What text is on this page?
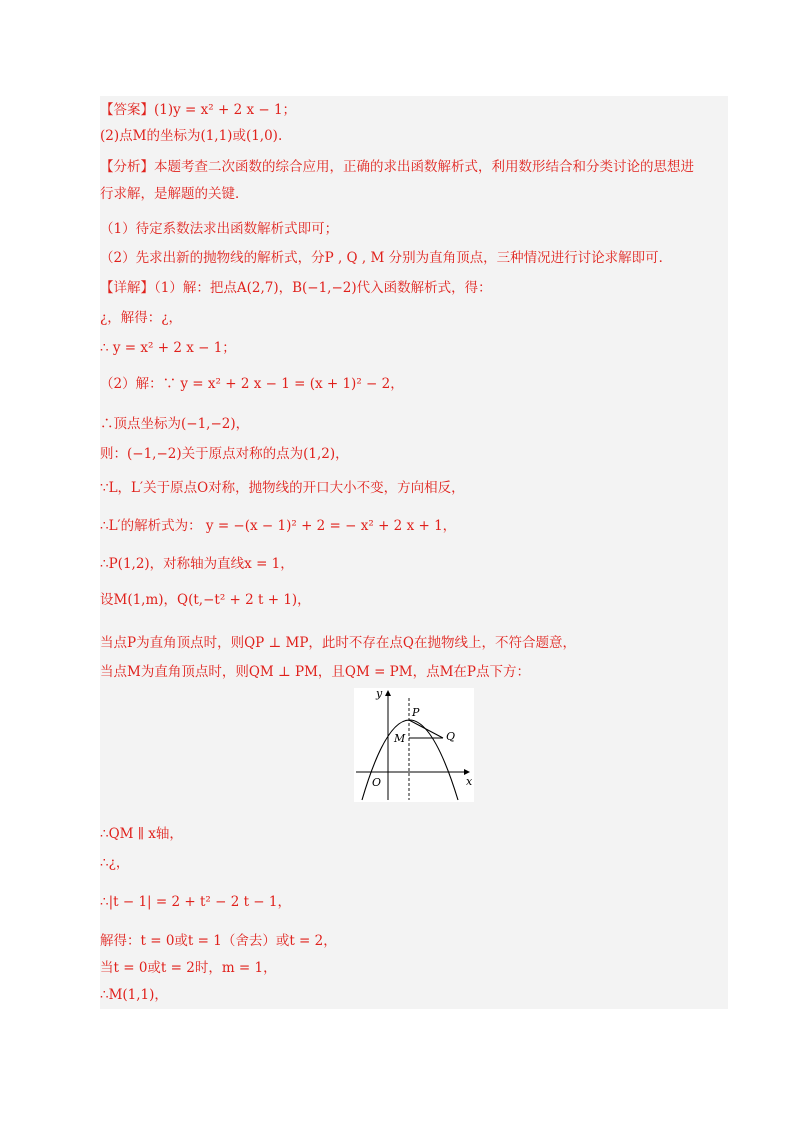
【答案】(1)y = x² + 2 x − 1；
(2)点M的坐标为(1,1)或(1,0).
【分析】本题考查二次函数的综合应用，正确的求出函数解析式，利用数形结合和分类讨论的思想进
行求解，是解题的关键．
（1）待定系数法求出函数解析式即可；
（2）先求出新的抛物线的解析式，分P , Q , M 分别为直角顶点，三种情况进行讨论求解即可．
【详解】（1）解：把点A(2,7)，B(−1,−2)代入函数解析式，得：
¿，解得：¿，
∴ y = x² + 2 x − 1；
（2）解：∵ y = x² + 2 x − 1 = (x + 1)² − 2，
∴顶点坐标为(−1,−2)，
则：(−1,−2)关于原点对称的点为(1,2)，
∵L，L′关于原点O对称，抛物线的开口大小不变，方向相反，
∴L′的解析式为： y = −(x − 1)² + 2 = − x² + 2 x + 1，
∴P(1,2)，对称轴为直线x = 1，
设M(1,m)，Q(t,−t² + 2 t + 1)，
当点P为直角顶点时，则QP ⊥ MP，此时不存在点Q在抛物线上，不符合题意，
当点M为直角顶点时，则QM ⊥ PM，且QM = PM，点M在P点下方：
y
x
O
P
M	Q
∴QM ∥ x轴，
∴¿，
∴|t − 1| = 2 + t² − 2 t − 1，
解得：t = 0或t = 1（舍去）或t = 2，
当t = 0或t = 2时，m = 1，
∴M(1,1)，
